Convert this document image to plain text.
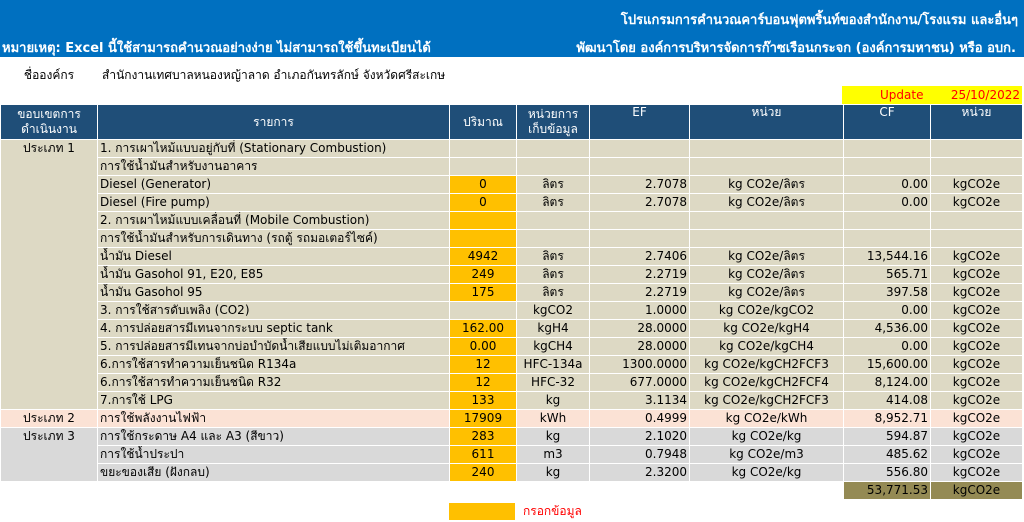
โปรแกรมการคำนวณคาร์บอนฟุตพริ้นท์ของสำนักงาน/โรงแรม และอื่นๆ
หมายเหตุ: Excel นี้ใช้สามารถคำนวณอย่างง่าย ไม่สามารถใช้ขึ้นทะเบียนได้	พัฒนาโดย องค์การบริหารจัดการก๊าซเรือนกระจก (องค์การมหาชน) หรือ อบก.
ชื่อองค์กร	สำนักงานเทศบาลหนองหญ้าลาด อำเภอกันทรลักษ์ จังหวัดศรีสะเกษ
Update 25/10/2022
ขอบเขตการดำเนินงาน	รายการ	ปริมาณ	หน่วยการเก็บข้อมูล	EF	หน่วย	CF	หน่วย
ประเภท 1	1. การเผาไหม้แบบอยู่กับที่ (Stationary Combustion)						
	การใช้น้ำมันสำหรับงานอาคาร						
	Diesel (Generator)	0	ลิตร	2.7078	kg CO2e/ลิตร	0.00	kgCO2e
	Diesel (Fire pump)	0	ลิตร	2.7078	kg CO2e/ลิตร	0.00	kgCO2e
	2. การเผาไหม้แบบเคลื่อนที่ (Mobile Combustion)						
	การใช้น้ำมันสำหรับการเดินทาง (รถตู้ รถมอเตอร์ไซค์)						
	น้ำมัน Diesel	4942	ลิตร	2.7406	kg CO2e/ลิตร	13,544.16	kgCO2e
	น้ำมัน Gasohol 91, E20, E85	249	ลิตร	2.2719	kg CO2e/ลิตร	565.71	kgCO2e
	น้ำมัน Gasohol 95	175	ลิตร	2.2719	kg CO2e/ลิตร	397.58	kgCO2e
	3. การใช้สารดับเพลิง (CO2)		kgCO2	1.0000	kg CO2e/kgCO2	0.00	kgCO2e
	4. การปล่อยสารมีเทนจากระบบ septic tank	162.00	kgH4	28.0000	kg CO2e/kgH4	4,536.00	kgCO2e
	5. การปล่อยสารมีเทนจากบ่อบำบัดน้ำเสียแบบไม่เติมอากาศ	0.00	kgCH4	28.0000	kg CO2e/kgCH4	0.00	kgCO2e
	6.การใช้สารทำความเย็นชนิด R134a	12	HFC-134a	1300.0000	kg CO2e/kgCH2FCF3	15,600.00	kgCO2e
	6.การใช้สารทำความเย็นชนิด R32	12	HFC-32	677.0000	kg CO2e/kgCH2FCF4	8,124.00	kgCO2e
	7.การใช้ LPG	133	kg	3.1134	kg CO2e/kgCH2FCF3	414.08	kgCO2e
ประเภท 2	การใช้พลังงานไฟฟ้า	17909	kWh	0.4999	kg CO2e/kWh	8,952.71	kgCO2e
ประเภท 3	การใช้กระดาษ A4 และ A3 (สีขาว)	283	kg	2.1020	kg CO2e/kg	594.87	kgCO2e
	การใช้น้ำประปา	611	m3	0.7948	kg CO2e/m3	485.62	kgCO2e
	ขยะของเสีย (ฝังกลบ)	240	kg	2.3200	kg CO2e/kg	556.80	kgCO2e
						53,771.53	kgCO2e
กรอกข้อมูล
